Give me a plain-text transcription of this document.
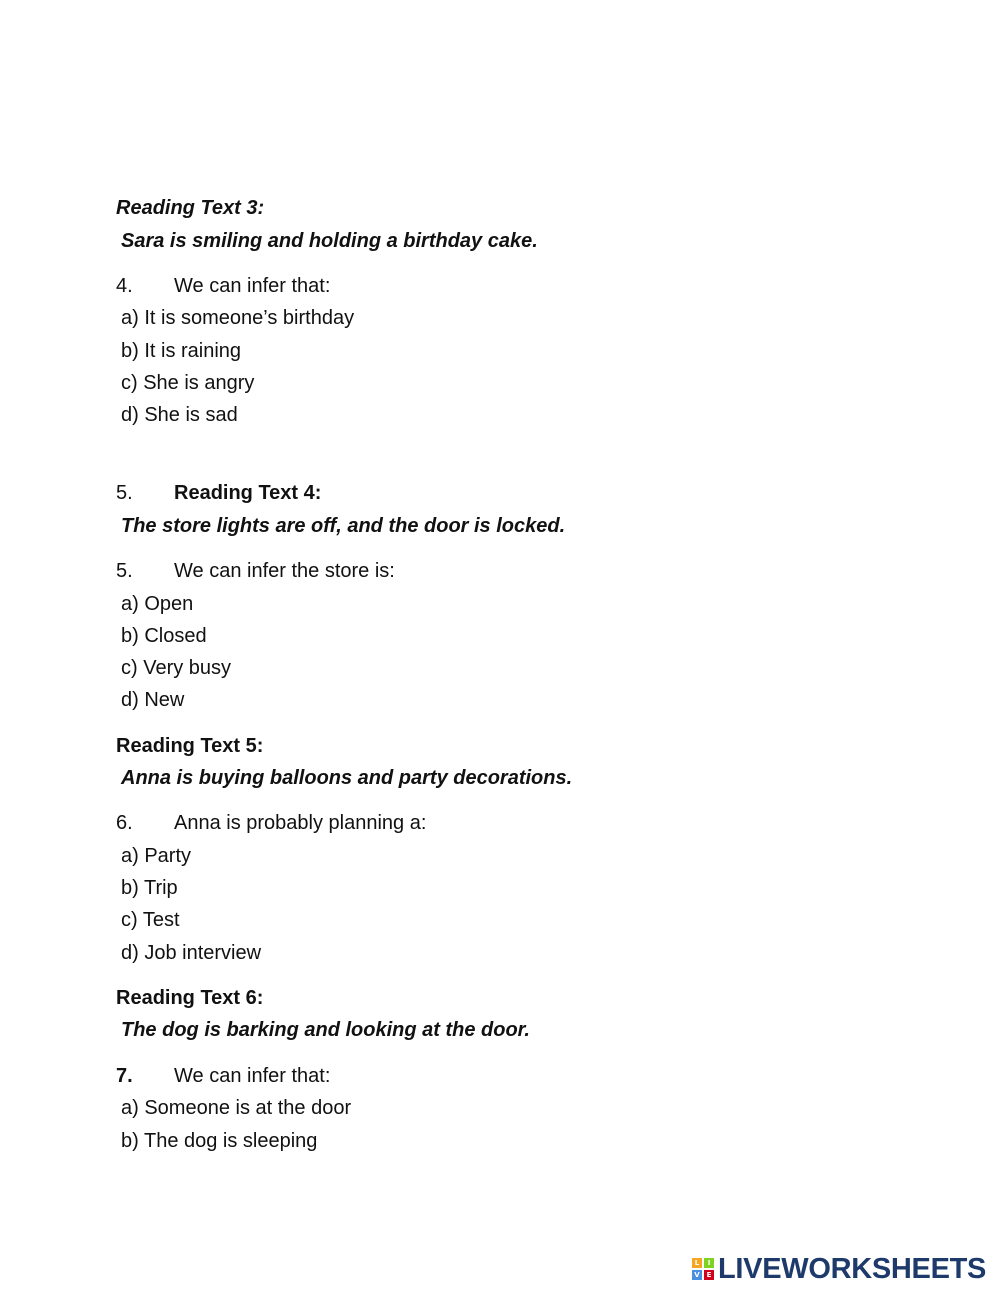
Reading Text 3:
Sara is smiling and holding a birthday cake.
4. We can infer that:
a) It is someone’s birthday
b) It is raining
c) She is angry
d) She is sad
5. Reading Text 4:
The store lights are off, and the door is locked.
5. We can infer the store is:
a) Open
b) Closed
c) Very busy
d) New
Reading Text 5:
Anna is buying balloons and party decorations.
6. Anna is probably planning a:
a) Party
b) Trip
c) Test
d) Job interview
Reading Text 6:
The dog is barking and looking at the door.
7. We can infer that:
a) Someone is at the door
b) The dog is sleeping
L	I
V E LIVEWORKSHEETS
